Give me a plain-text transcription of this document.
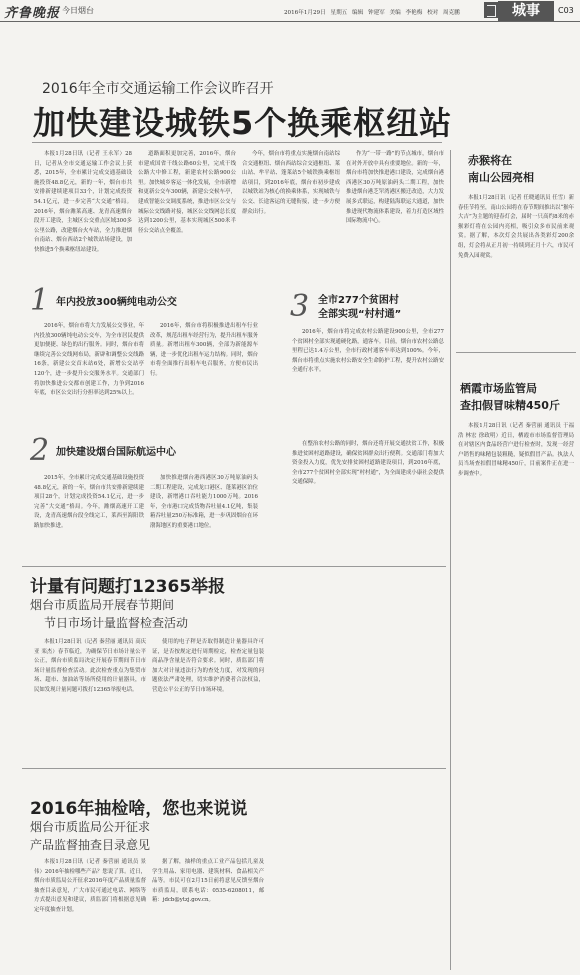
齐鲁晚报 今日烟台	2016年1月29日 星期五 编辑 钟建军 美编 李艳梅 校对 周克鹏	城事	C03
2016年全市交通运输工作会议昨召开
加快建设城铁5个换乘枢纽站

本报1月28日讯（记者 王永军）28日，记者从全市交通运输工作会议上获悉，2015年，全市累计完成交通基础设施投资48.8亿元，新的一年，烟台市共安排新建续建项目33个，计划完成投资54.1亿元，进一步完善“大交通”格局。2016年，烟台潍莱高速、龙青高速烟台段开工建设，主城区公交重点区域300多公里公路，改建烟台火车站，全力推进烟台南站、烟台西站2个城铁站场建设，加快推进5个换乘枢纽站建设。

道路面积更加完善，2016年，烟台市建成国省干线公路60公里，完成干线公路大中修工程，新建农村公路900公里。加快城乡客运一体化发展，全市新增和更新公交车300辆，新建公交候车亭，建成智能公交调度系统，推进市区公交与城际公交线路对接，城区公交线网总长度达到1200公里，基本实现城区500米半径公交站点全覆盖。

今年，烟台市将重点实施烟台南站综合交通枢纽、烟台西站综合交通枢纽、莱山站、牟平站、蓬莱站5个城铁换乘枢纽站项目，到2016年底，烟台市初步建成以城铁站为核心的换乘体系，实现城铁与公交、长途客运的无缝衔接，进一步方便群众出行。

作为“一带一路”的节点城市，烟台市在对外开放中具有重要地位。新的一年，烟台市将加快推进港口建设，完成烟台港西港区30万吨原油码头二期工程，加快推进烟台港芝罘湾港区搬迁改造，大力发展多式联运，构建陆海联运大通道，加快推进现代物流体系建设，着力打造区域性国际物流中心。

1 年内投放300辆纯电动公交

2016年，烟台市将大力发展公交事业，年内投放300辆纯电动公交车，为全市居民提供更加便捷、绿色的出行服务。同时，烟台市将继续完善公交线网布局，新辟和调整公交线路16条，新建公交首末站6处，新增公交站亭120个，进一步提升公交服务水平。交通部门将加快推进公交都市创建工作，力争到2016年底，市区公交出行分担率达到25%以上。

2016年，烟台市将积极推进出租车行业改革，规范出租车经营行为，提升出租车服务质量。新增出租车300辆，全部为新能源车辆，进一步优化出租车运力结构。同时，烟台市将全面推行出租车电召服务，方便市民出行。

2 加快建设烟台国际航运中心

2015年，全市累计完成交通基础设施投资48.8亿元，新的一年，烟台市共安排新建续建项目28个，计划完成投资54.1亿元，进一步完善“大交通”格局。今年，潍烟高速开工建设，龙青高速烟台段全线完工，莱西至海阳铁路加快推进。

加快推进烟台港西港区30万吨原油码头二期工程建设，完成龙口港区、蓬莱港区泊位建设，新增港口吞吐能力1000万吨。2016年，全市港口完成货物吞吐量4.1亿吨，集装箱吞吐量250万标准箱，进一步巩固烟台在环渤海地区的重要港口地位。

3 全市277个贫困村
全部实现“村村通”

2016年，烟台市将完成农村公路建设900公里，全市277个贫困村全部实现通硬化路，通客车。目前，烟台市农村公路总里程已达1.4万公里，全市行政村通客车率达到100%。今年，烟台市将重点实施农村公路安全生命防护工程，提升农村公路安全通行水平。

在整治农村公路的同时，烟台还将开展交通扶贫工作，积极推进贫困村道路建设，确保贫困群众出行便利。交通部门将加大资金投入力度，优先安排贫困村道路建设项目，到2016年底，全市277个贫困村全部实现“村村通”，为全面建成小康社会提供交通保障。

赤猴将在
南山公园亮相

本报1月28日讯（记者 任晓通讯员 任雪）新春佳节将至，南山公园将在春节期间推出以“猴年大吉”为主题的迎春灯会，届时一只高约8米的赤猴彩灯将在公园内亮相，吸引众多市民前来观赏。据了解，本次灯会共展出各类彩灯200余组，灯会将从正月初一持续到正月十六，市民可免费入园观赏。

栖霞市场监管局
查扣假冒味精450斤

本报1月28日讯（记者 秦营丽 通讯员 于福浩 林宏 徐政明）近日，栖霞市市场监督管理局在对辖区内食品经营户进行检查时，发现一经营户销售的味精包装粗糙，疑似假冒产品。执法人员当场查扣假冒味精450斤，目前案件正在进一步调查中。

计量有问题打12365举报
烟台市质监局开展春节期间
节日市场计量监督检查活动

本报1月28日讯（记者 秦营丽 通讯员 高庆亚 栾杰）春节临近，为确保节日市场计量公平公正，烟台市质监局决定开展春节期间节日市场计量监督检查活动。此次检查重点为集贸市场、超市、加油站等场所使用的计量器具，市民如发现计量问题可拨打12365举报电话。

使用的电子秤是否取得制造计量器具许可证，是否按规定进行周期检定，检查定量包装商品净含量是否符合要求。同时，质监部门将加大对计量违法行为的查处力度，对发现的问题依法严肃处理，切实维护消费者合法权益，营造公平公正的节日市场环境。

2016年抽检啥，您也来说说
烟台市质监局公开征求
产品监督抽查目录意见

本报1月28日讯（记者 秦营丽 通讯员 景伟）2016年抽检哪些产品？您说了算。近日，烟台市质监局公开征求2016年度产品质量监督抽查目录意见，广大市民可通过电话、网络等方式提出意见和建议，质监部门将根据意见确定年度抽查计划。

据了解，抽样的重点工业产品包括儿童及学生用品、家用电器、建筑材料、食品相关产品等。市民可在2月15日前将意见反馈至烟台市质监局，联系电话：0535-6208011，邮箱：jdcb@ytzj.gov.cn。
